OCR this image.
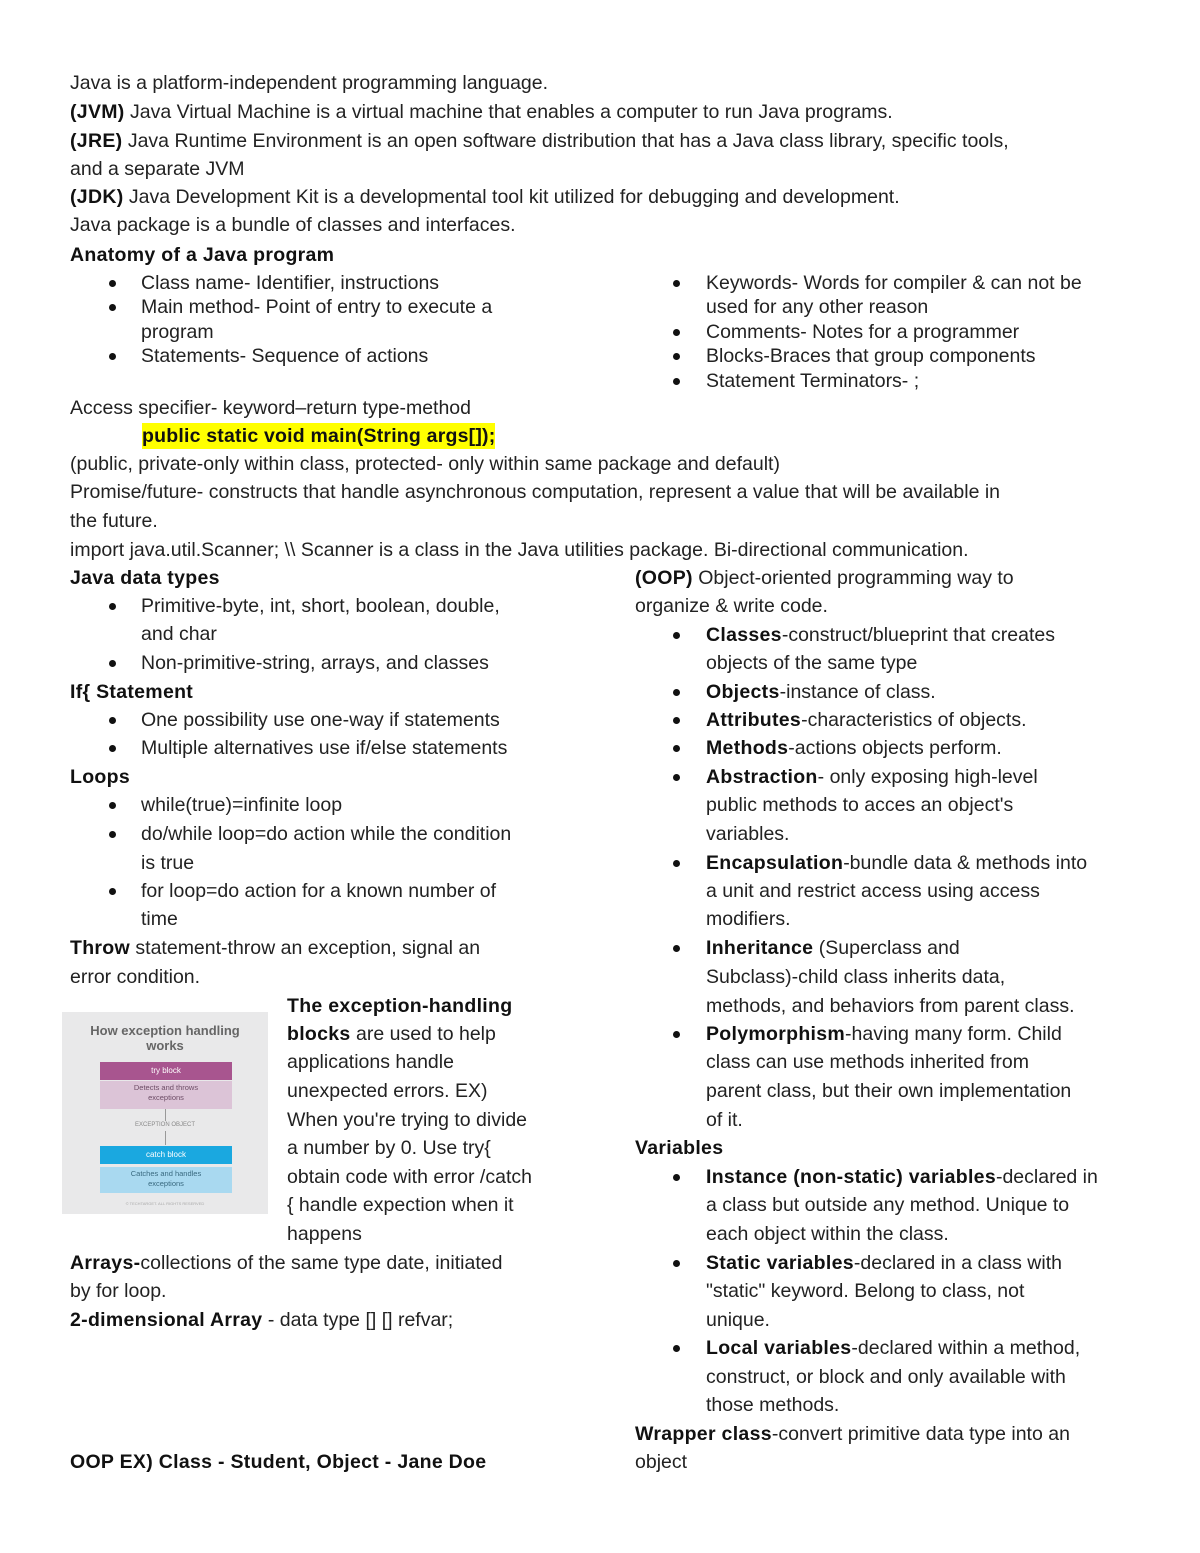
Java is a platform-independent programming language.
(JVM) Java Virtual Machine is a virtual machine that enables a computer to run Java programs.
(JRE) Java Runtime Environment is an open software distribution that has a Java class library, specific tools,
and a separate JVM
(JDK) Java Development Kit is a developmental tool kit utilized for debugging and development.
Java package is a bundle of classes and interfaces.
Anatomy of a Java program
Class name- Identifier, instructions
Main method- Point of entry to execute a
program
Statements- Sequence of actions
Keywords- Words for compiler & can not be
used for any other reason
Comments- Notes for a programmer
Blocks-Braces that group components
Statement Terminators- ;
Access specifier- keyword–return type-method
public static void main(String args[]);
(public, private-only within class, protected- only within same package and default)
Promise/future- constructs that handle asynchronous computation, represent a value that will be available in
the future.
import java.util.Scanner; \\ Scanner is a class in the Java utilities package. Bi-directional communication.
Java data types
Primitive-byte, int, short, boolean, double,
and char
Non-primitive-string, arrays, and classes
If{ Statement
One possibility use one-way if statements
Multiple alternatives use if/else statements
Loops
while(true)=infinite loop
do/while loop=do action while the condition
is true
for loop=do action for a known number of
time
Throw statement-throw an exception, signal an
error condition.
How exception handling
works
try block
Detects and throws
exceptions
EXCEPTION OBJECT
catch block
Catches and handles
exceptions
© TECHTARGET. ALL RIGHTS RESERVED
The exception-handling
blocks are used to help
applications handle
unexpected errors. EX)
When you're trying to divide
a number by 0. Use try{
obtain code with error /catch
{ handle expection when it
happens
Arrays-collections of the same type date, initiated
by for loop.
2-dimensional Array - data type [] [] refvar;
OOP EX) Class - Student, Object - Jane Doe
(OOP) Object-oriented programming way to
organize & write code.
Classes-construct/blueprint that creates
objects of the same type
Objects-instance of class.
Attributes-characteristics of objects.
Methods-actions objects perform.
Abstraction- only exposing high-level
public methods to acces an object's
variables.
Encapsulation-bundle data & methods into
a unit and restrict access using access
modifiers.
Inheritance (Superclass and
Subclass)-child class inherits data,
methods, and behaviors from parent class.
Polymorphism-having many form. Child
class can use methods inherited from
parent class, but their own implementation
of it.
Variables
Instance (non-static) variables-declared in
a class but outside any method. Unique to
each object within the class.
Static variables-declared in a class with
"static" keyword. Belong to class, not
unique.
Local variables-declared within a method,
construct, or block and only available with
those methods.
Wrapper class-convert primitive data type into an
object
